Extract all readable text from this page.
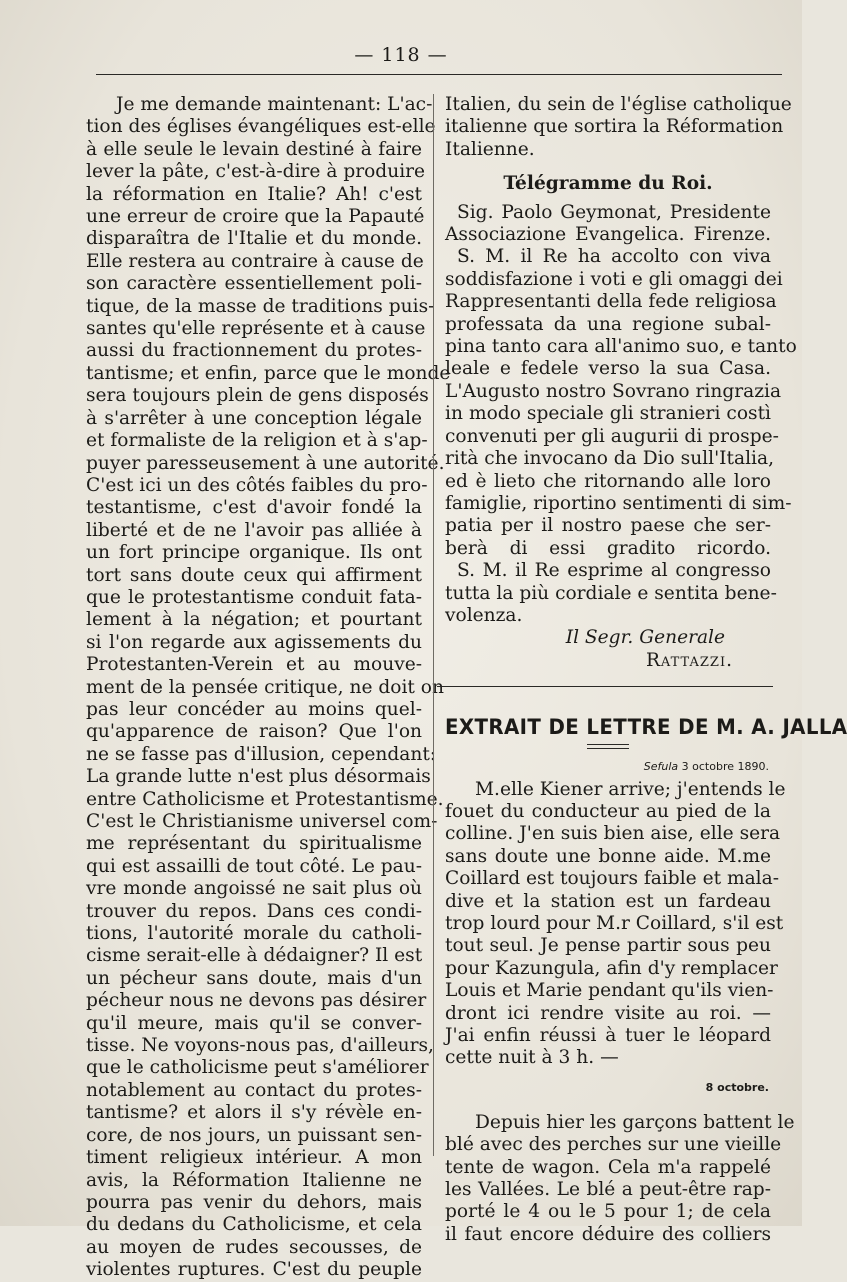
— 118 —
Je me demande maintenant: L'ac-
tion des églises évangéliques est-elle
à elle seule le levain destiné à faire
lever la pâte, c'est-à-dire à produire
la réformation en Italie? Ah! c'est
une erreur de croire que la Papauté
disparaîtra de l'Italie et du monde.
Elle restera au contraire à cause de
son caractère essentiellement poli-
tique, de la masse de traditions puis-
santes qu'elle représente et à cause
aussi du fractionnement du protes-
tantisme; et enfin, parce que le monde
sera toujours plein de gens disposés
à s'arrêter à une conception légale
et formaliste de la religion et à s'ap-
puyer paresseusement à une autorité.
C'est ici un des côtés faibles du pro-
testantisme, c'est d'avoir fondé la
liberté et de ne l'avoir pas alliée à
un fort principe organique. Ils ont
tort sans doute ceux qui affirment
que le protestantisme conduit fata-
lement à la négation; et pourtant
si l'on regarde aux agissements du
Protestanten-Verein et au mouve-
ment de la pensée critique, ne doit on
pas leur concéder au moins quel-
qu'apparence de raison? Que l'on
ne se fasse pas d'illusion, cependant:
La grande lutte n'est plus désormais
entre Catholicisme et Protestantisme.
C'est le Christianisme universel com-
me représentant du spiritualisme
qui est assailli de tout côté. Le pau-
vre monde angoissé ne sait plus où
trouver du repos. Dans ces condi-
tions, l'autorité morale du catholi-
cisme serait-elle à dédaigner? Il est
un pécheur sans doute, mais d'un
pécheur nous ne devons pas désirer
qu'il meure, mais qu'il se conver-
tisse. Ne voyons-nous pas, d'ailleurs,
que le catholicisme peut s'améliorer
notablement au contact du protes-
tantisme? et alors il s'y révèle en-
core, de nos jours, un puissant sen-
timent religieux intérieur. A mon
avis, la Réformation Italienne ne
pourra pas venir du dehors, mais
du dedans du Catholicisme, et cela
au moyen de rudes secousses, de
violentes ruptures. C'est du peuple
Italien, du sein de l'église catholique
italienne que sortira la Réformation
Italienne.
Télégramme du Roi.
Sig. Paolo Geymonat, Presidente
Associazione Evangelica. Firenze.
S. M. il Re ha accolto con viva
soddisfazione i voti e gli omaggi dei
Rappresentanti della fede religiosa
professata da una regione subal-
pina tanto cara all'animo suo, e tanto
leale e fedele verso la sua Casa.
L'Augusto nostro Sovrano ringrazia
in modo speciale gli stranieri costì
convenuti per gli augurii di prospe-
rità che invocano da Dio sull'Italia,
ed è lieto che ritornando alle loro
famiglie, riportino sentimenti di sim-
patia per il nostro paese che ser-
berà di essi gradito ricordo.
S. M. il Re esprime al congresso
tutta la più cordiale e sentita bene-
volenza.
Il Segr. Generale
Rattazzi.
EXTRAIT DE LETTRE DE M. A. JALLA
Sefula 3 octobre 1890.
M.elle Kiener arrive; j'entends le
fouet du conducteur au pied de la
colline. J'en suis bien aise, elle sera
sans doute une bonne aide. M.me
Coillard est toujours faible et mala-
dive et la station est un fardeau
trop lourd pour M.r Coillard, s'il est
tout seul. Je pense partir sous peu
pour Kazungula, afin d'y remplacer
Louis et Marie pendant qu'ils vien-
dront ici rendre visite au roi. —
J'ai enfin réussi à tuer le léopard
cette nuit à 3 h. —
8 octobre.
Depuis hier les garçons battent le
blé avec des perches sur une vieille
tente de wagon. Cela m'a rappelé
les Vallées. Le blé a peut-être rap-
porté le 4 ou le 5 pour 1; de cela
il faut encore déduire des colliers
